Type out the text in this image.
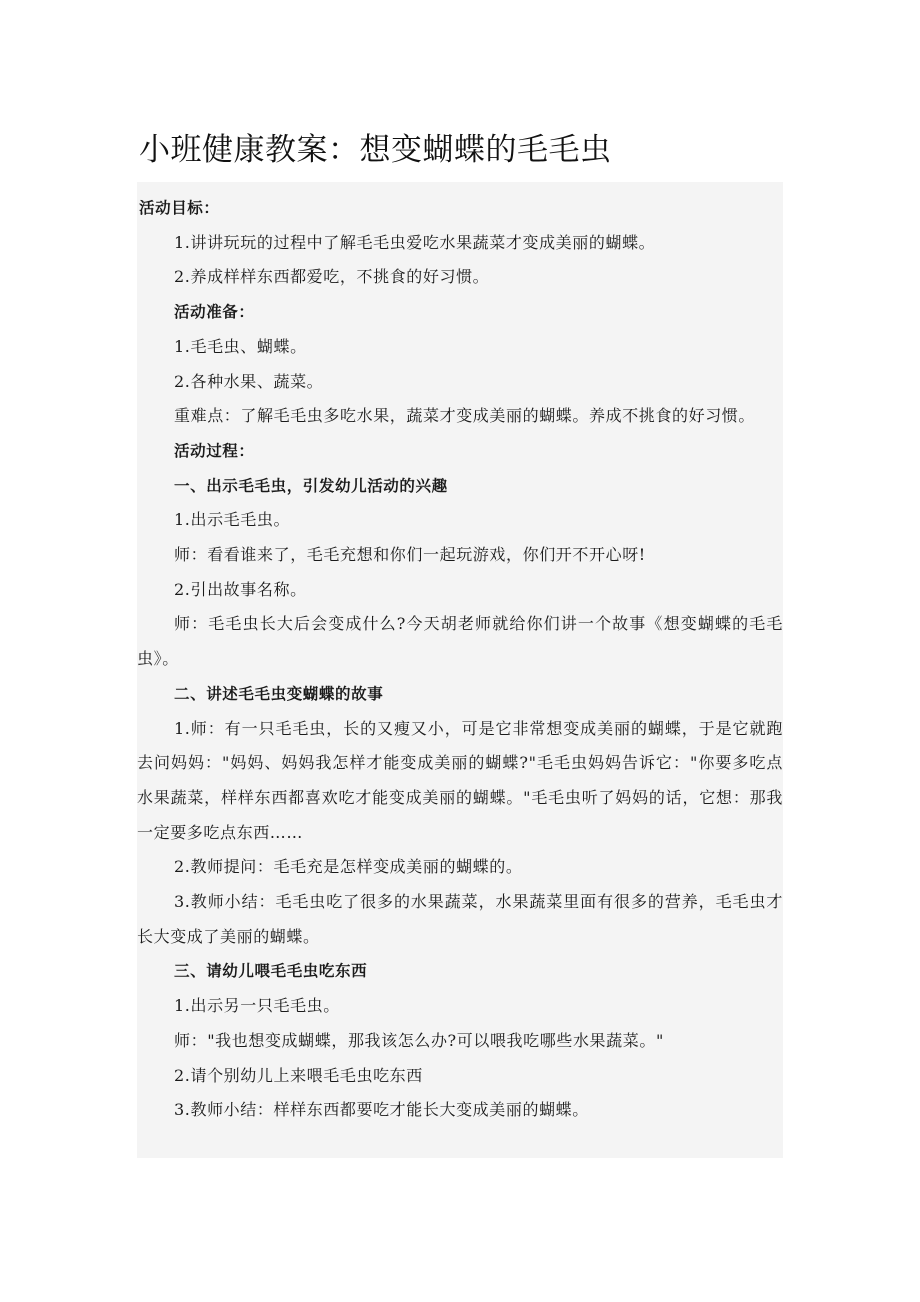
小班健康教案：想变蝴蝶的毛毛虫

活动目标：

1.讲讲玩玩的过程中了解毛毛虫爱吃水果蔬菜才变成美丽的蝴蝶。

2.养成样样东西都爱吃，不挑食的好习惯。

活动准备：

1.毛毛虫、蝴蝶。

2.各种水果、蔬菜。

重难点：了解毛毛虫多吃水果，蔬菜才变成美丽的蝴蝶。养成不挑食的好习惯。

活动过程：

一、出示毛毛虫，引发幼儿活动的兴趣

1.出示毛毛虫。

师：看看谁来了，毛毛充想和你们一起玩游戏，你们开不开心呀!

2.引出故事名称。

师：毛毛虫长大后会变成什么?今天胡老师就给你们讲一个故事《想变蝴蝶的毛毛虫》。

二、讲述毛毛虫变蝴蝶的故事

1.师：有一只毛毛虫，长的又瘦又小，可是它非常想变成美丽的蝴蝶，于是它就跑去问妈妈："妈妈、妈妈我怎样才能变成美丽的蝴蝶?"毛毛虫妈妈告诉它："你要多吃点水果蔬菜，样样东西都喜欢吃才能变成美丽的蝴蝶。"毛毛虫听了妈妈的话，它想：那我一定要多吃点东西……

2.教师提问：毛毛充是怎样变成美丽的蝴蝶的。

3.教师小结：毛毛虫吃了很多的水果蔬菜，水果蔬菜里面有很多的营养，毛毛虫才长大变成了美丽的蝴蝶。

三、请幼儿喂毛毛虫吃东西

1.出示另一只毛毛虫。

师："我也想变成蝴蝶，那我该怎么办?可以喂我吃哪些水果蔬菜。"

2.请个别幼儿上来喂毛毛虫吃东西

3.教师小结：样样东西都要吃才能长大变成美丽的蝴蝶。
